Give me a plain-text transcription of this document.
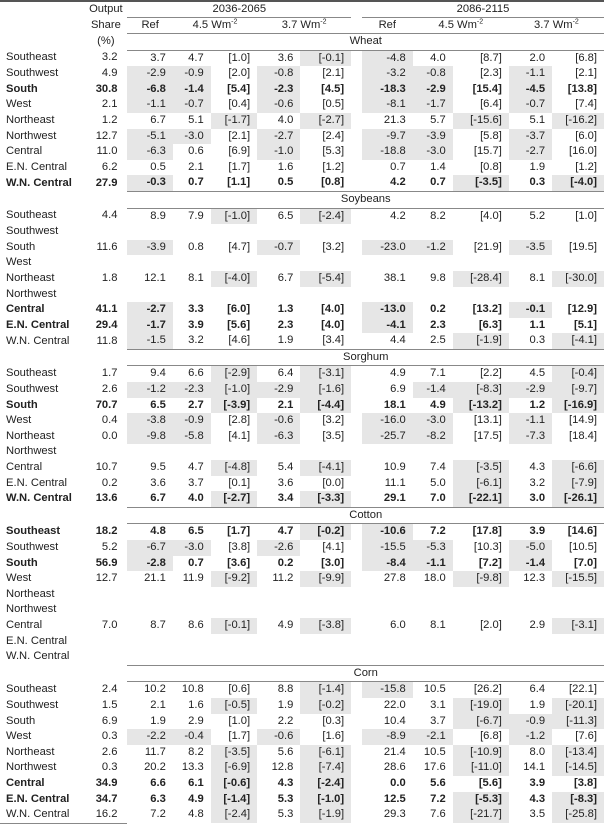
	Output	2036-2065						2086-2115				
	Share	Ref	4.5 $Wm^{-2}$		3.7 $Wm^{-2}$			Ref	4.5 $Wm^{-2}$		3.7 $Wm^{-2}$
	(%)	Wheat										
Southeast	3.2	3.7	4.7	[1.0]	3.6	[-0.1]		-4.8	4.0	[8.7]	2.0	[6.8]
Southwest	4.9	-2.9	-0.9	[2.0]	-0.8	[2.1]		-3.2	-0.8	[2.3]	-1.1	[2.1]
South	30.8	-6.8	-1.4	[5.4]	-2.3	[4.5]		-18.3	-2.9	[15.4]	-4.5	[13.8]
West	2.1	-1.1	-0.7	[0.4]	-0.6	[0.5]		-8.1	-1.7	[6.4]	-0.7	[7.4]
Northeast	1.2	6.7	5.1	[-1.7]	4.0	[-2.7]		21.3	5.7	[-15.6]	5.1	[-16.2]
Northwest	12.7	-5.1	-3.0	[2.1]	-2.7	[2.4]		-9.7	-3.9	[5.8]	-3.7	[6.0]
Central	11.0	-6.3	0.6	[6.9]	-1.0	[5.3]		-18.8	-3.0	[15.7]	-2.7	[16.0]
E.N. Central	6.2	0.5	2.1	[1.7]	1.6	[1.2]		0.7	1.4	[0.8]	1.9	[1.2]
W.N. Central	27.9	-0.3	0.7	[1.1]	0.5	[0.8]		4.2	0.7	[-3.5]	0.3	[-4.0]
		Soybeans										
Southeast	4.4	8.9	7.9	[-1.0]	6.5	[-2.4]		4.2	8.2	[4.0]	5.2	[1.0]
Southwest												
South	11.6	-3.9	0.8	[4.7]	-0.7	[3.2]		-23.0	-1.2	[21.9]	-3.5	[19.5]
West												
Northeast	1.8	12.1	8.1	[-4.0]	6.7	[-5.4]		38.1	9.8	[-28.4]	8.1	[-30.0]
Northwest												
Central	41.1	-2.7	3.3	[6.0]	1.3	[4.0]		-13.0	0.2	[13.2]	-0.1	[12.9]
E.N. Central	29.4	-1.7	3.9	[5.6]	2.3	[4.0]		-4.1	2.3	[6.3]	1.1	[5.1]
W.N. Central	11.8	-1.5	3.2	[4.6]	1.9	[3.4]		4.4	2.5	[-1.9]	0.3	[-4.1]
		Sorghum										
Southeast	1.7	9.4	6.6	[-2.9]	6.4	[-3.1]		4.9	7.1	[2.2]	4.5	[-0.4]
Southwest	2.6	-1.2	-2.3	[-1.0]	-2.9	[-1.6]		6.9	-1.4	[-8.3]	-2.9	[-9.7]
South	70.7	6.5	2.7	[-3.9]	2.1	[-4.4]		18.1	4.9	[-13.2]	1.2	[-16.9]
West	0.4	-3.8	-0.9	[2.8]	-0.6	[3.2]		-16.0	-3.0	[13.1]	-1.1	[14.9]
Northeast	0.0	-9.8	-5.8	[4.1]	-6.3	[3.5]		-25.7	-8.2	[17.5]	-7.3	[18.4]
Northwest												
Central	10.7	9.5	4.7	[-4.8]	5.4	[-4.1]		10.9	7.4	[-3.5]	4.3	[-6.6]
E.N. Central	0.2	3.6	3.7	[0.1]	3.6	[0.0]		11.1	5.0	[-6.1]	3.2	[-7.9]
W.N. Central	13.6	6.7	4.0	[-2.7]	3.4	[-3.3]		29.1	7.0	[-22.1]	3.0	[-26.1]
		Cotton										
Southeast	18.2	4.8	6.5	[1.7]	4.7	[-0.2]		-10.6	7.2	[17.8]	3.9	[14.6]
Southwest	5.2	-6.7	-3.0	[3.8]	-2.6	[4.1]		-15.5	-5.3	[10.3]	-5.0	[10.5]
South	56.9	-2.8	0.7	[3.6]	0.2	[3.0]		-8.4	-1.1	[7.2]	-1.4	[7.0]
West	12.7	21.1	11.9	[-9.2]	11.2	[-9.9]		27.8	18.0	[-9.8]	12.3	[-15.5]
Northeast												
Northwest												
Central	7.0	8.7	8.6	[-0.1]	4.9	[-3.8]		6.0	8.1	[2.0]	2.9	[-3.1]
E.N. Central												
W.N. Central												
		Corn										
Southeast	2.4	10.2	10.8	[0.6]	8.8	[-1.4]		-15.8	10.5	[26.2]	6.4	[22.1]
Southwest	1.5	2.1	1.6	[-0.5]	1.9	[-0.2]		22.0	3.1	[-19.0]	1.9	[-20.1]
South	6.9	1.9	2.9	[1.0]	2.2	[0.3]		10.4	3.7	[-6.7]	-0.9	[-11.3]
West	0.3	-2.2	-0.4	[1.7]	-0.6	[1.6]		-8.9	-2.1	[6.8]	-1.2	[7.6]
Northeast	2.6	11.7	8.2	[-3.5]	5.6	[-6.1]		21.4	10.5	[-10.9]	8.0	[-13.4]
Northwest	0.3	20.2	13.3	[-6.9]	12.8	[-7.4]		28.6	17.6	[-11.0]	14.1	[-14.5]
Central	34.9	6.6	6.1	[-0.6]	4.3	[-2.4]		0.0	5.6	[5.6]	3.9	[3.8]
E.N. Central	34.7	6.3	4.9	[-1.4]	5.3	[-1.0]		12.5	7.2	[-5.3]	4.3	[-8.3]
W.N. Central	16.2	7.2	4.8	[-2.4]	5.3	[-1.9]		29.3	7.6	[-21.7]	3.5	[-25.8]
